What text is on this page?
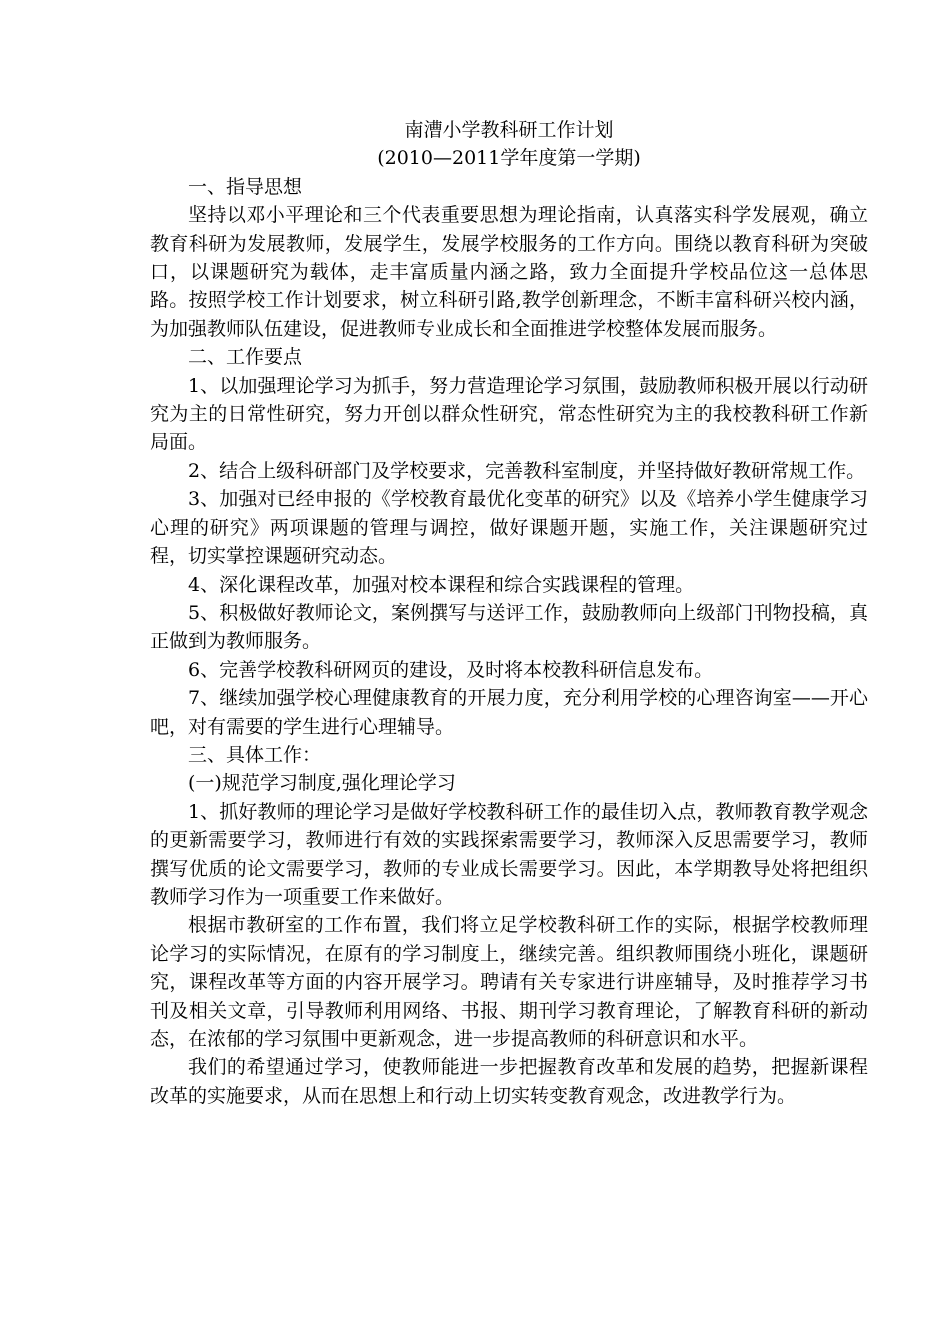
南漕小学教科研工作计划

(2010—2011学年度第一学期)

一、指导思想

坚持以邓小平理论和三个代表重要思想为理论指南，认真落实科学发展观，确立教育科研为发展教师，发展学生，发展学校服务的工作方向。围绕以教育科研为突破口，以课题研究为载体，走丰富质量内涵之路，致力全面提升学校品位这一总体思路。按照学校工作计划要求，树立科研引路,教学创新理念，不断丰富科研兴校内涵，为加强教师队伍建设，促进教师专业成长和全面推进学校整体发展而服务。

二、工作要点

1、以加强理论学习为抓手，努力营造理论学习氛围，鼓励教师积极开展以行动研究为主的日常性研究，努力开创以群众性研究，常态性研究为主的我校教科研工作新局面。

2、结合上级科研部门及学校要求，完善教科室制度，并坚持做好教研常规工作。

3、加强对已经申报的《学校教育最优化变革的研究》以及《培养小学生健康学习心理的研究》两项课题的管理与调控，做好课题开题，实施工作，关注课题研究过程，切实掌控课题研究动态。

4、深化课程改革，加强对校本课程和综合实践课程的管理。

5、积极做好教师论文，案例撰写与送评工作，鼓励教师向上级部门刊物投稿，真正做到为教师服务。

6、完善学校教科研网页的建设，及时将本校教科研信息发布。

7、继续加强学校心理健康教育的开展力度，充分利用学校的心理咨询室——开心吧，对有需要的学生进行心理辅导。

三、具体工作：

(一)规范学习制度,强化理论学习

1、抓好教师的理论学习是做好学校教科研工作的最佳切入点，教师教育教学观念的更新需要学习，教师进行有效的实践探索需要学习，教师深入反思需要学习，教师撰写优质的论文需要学习，教师的专业成长需要学习。因此，本学期教导处将把组织教师学习作为一项重要工作来做好。

根据市教研室的工作布置，我们将立足学校教科研工作的实际，根据学校教师理论学习的实际情况，在原有的学习制度上，继续完善。组织教师围绕小班化，课题研究，课程改革等方面的内容开展学习。聘请有关专家进行讲座辅导，及时推荐学习书刊及相关文章，引导教师利用网络、书报、期刊学习教育理论，了解教育科研的新动态，在浓郁的学习氛围中更新观念，进一步提高教师的科研意识和水平。

我们的希望通过学习，使教师能进一步把握教育改革和发展的趋势，把握新课程改革的实施要求，从而在思想上和行动上切实转变教育观念，改进教学行为。
